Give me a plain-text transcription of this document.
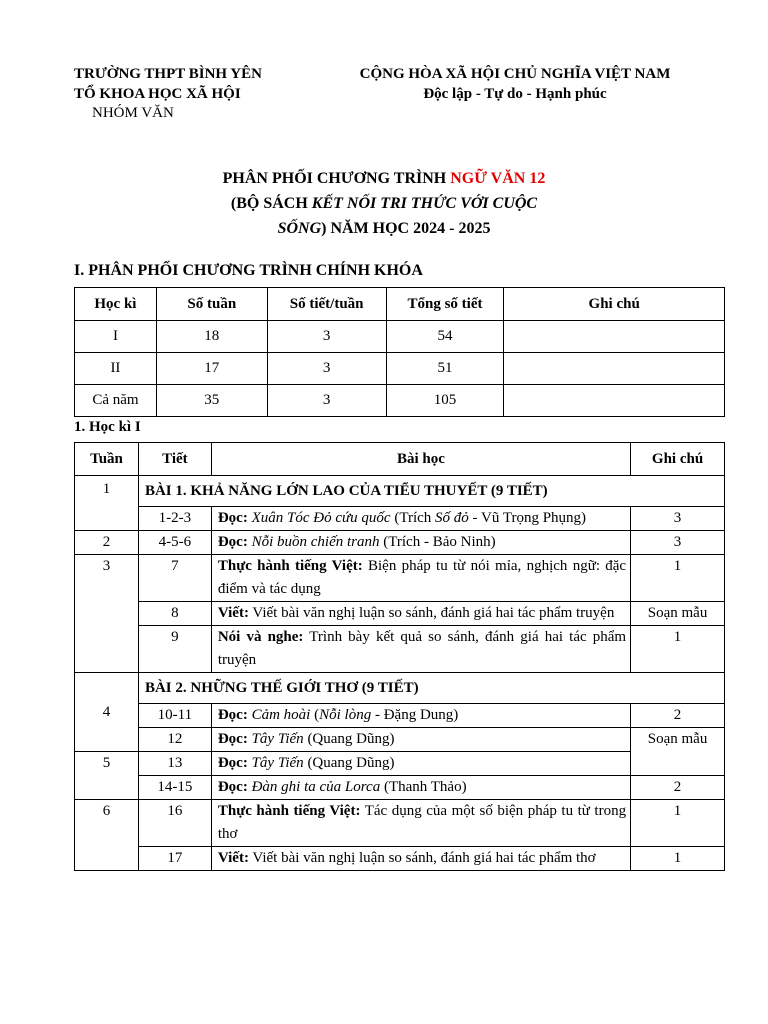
TRƯỜNG THPT BÌNH YÊN
TỔ KHOA HỌC XÃ HỘI
NHÓM VĂN
CỘNG HÒA XÃ HỘI CHỦ NGHĨA VIỆT NAM
Độc lập - Tự do - Hạnh phúc
PHÂN PHỐI CHƯƠNG TRÌNH NGỮ VĂN 12
(BỘ SÁCH KẾT NỐI TRI THỨC VỚI CUỘC
SỐNG) NĂM HỌC 2024 - 2025
I. PHÂN PHỐI CHƯƠNG TRÌNH CHÍNH KHÓA
Học kì	Số tuần	Số tiết/tuần	Tổng số tiết	Ghi chú
I	18	3	54	
II	17	3	51	
Cả năm	35	3	105	
1. Học kì I
Tuần	Tiết	Bài học	Ghi chú
1	BÀI 1. KHẢ NĂNG LỚN LAO CỦA TIỂU THUYẾT (9 TIẾT)		
	1-2-3	Đọc: Xuân Tóc Đỏ cứu quốc (Trích Số đỏ - Vũ Trọng Phụng)	3
2	4-5-6	Đọc: Nỗi buồn chiến tranh (Trích - Bảo Ninh)	3
3	7	Thực hành tiếng Việt: Biện pháp tu từ nói mỉa, nghịch ngữ: đặc điểm và tác dụng	1
	8	Viết: Viết bài văn nghị luận so sánh, đánh giá hai tác phẩm truyện	Soạn mẫu
	9	Nói và nghe: Trình bày kết quả so sánh, đánh giá hai tác phẩm truyện	1
4	BÀI 2. NHỮNG THẾ GIỚI THƠ (9 TIẾT)		
	10-11	Đọc: Cảm hoài (Nỗi lòng - Đặng Dung)	2
	12	Đọc: Tây Tiến (Quang Dũng)	Soạn mẫu
5	13	Đọc: Tây Tiến (Quang Dũng)	
	14-15	Đọc: Đàn ghi ta của Lorca (Thanh Thảo)	2
6	16	Thực hành tiếng Việt: Tác dụng của một số biện pháp tu từ trong thơ	1
	17	Viết: Viết bài văn nghị luận so sánh, đánh giá hai tác phẩm thơ	1
